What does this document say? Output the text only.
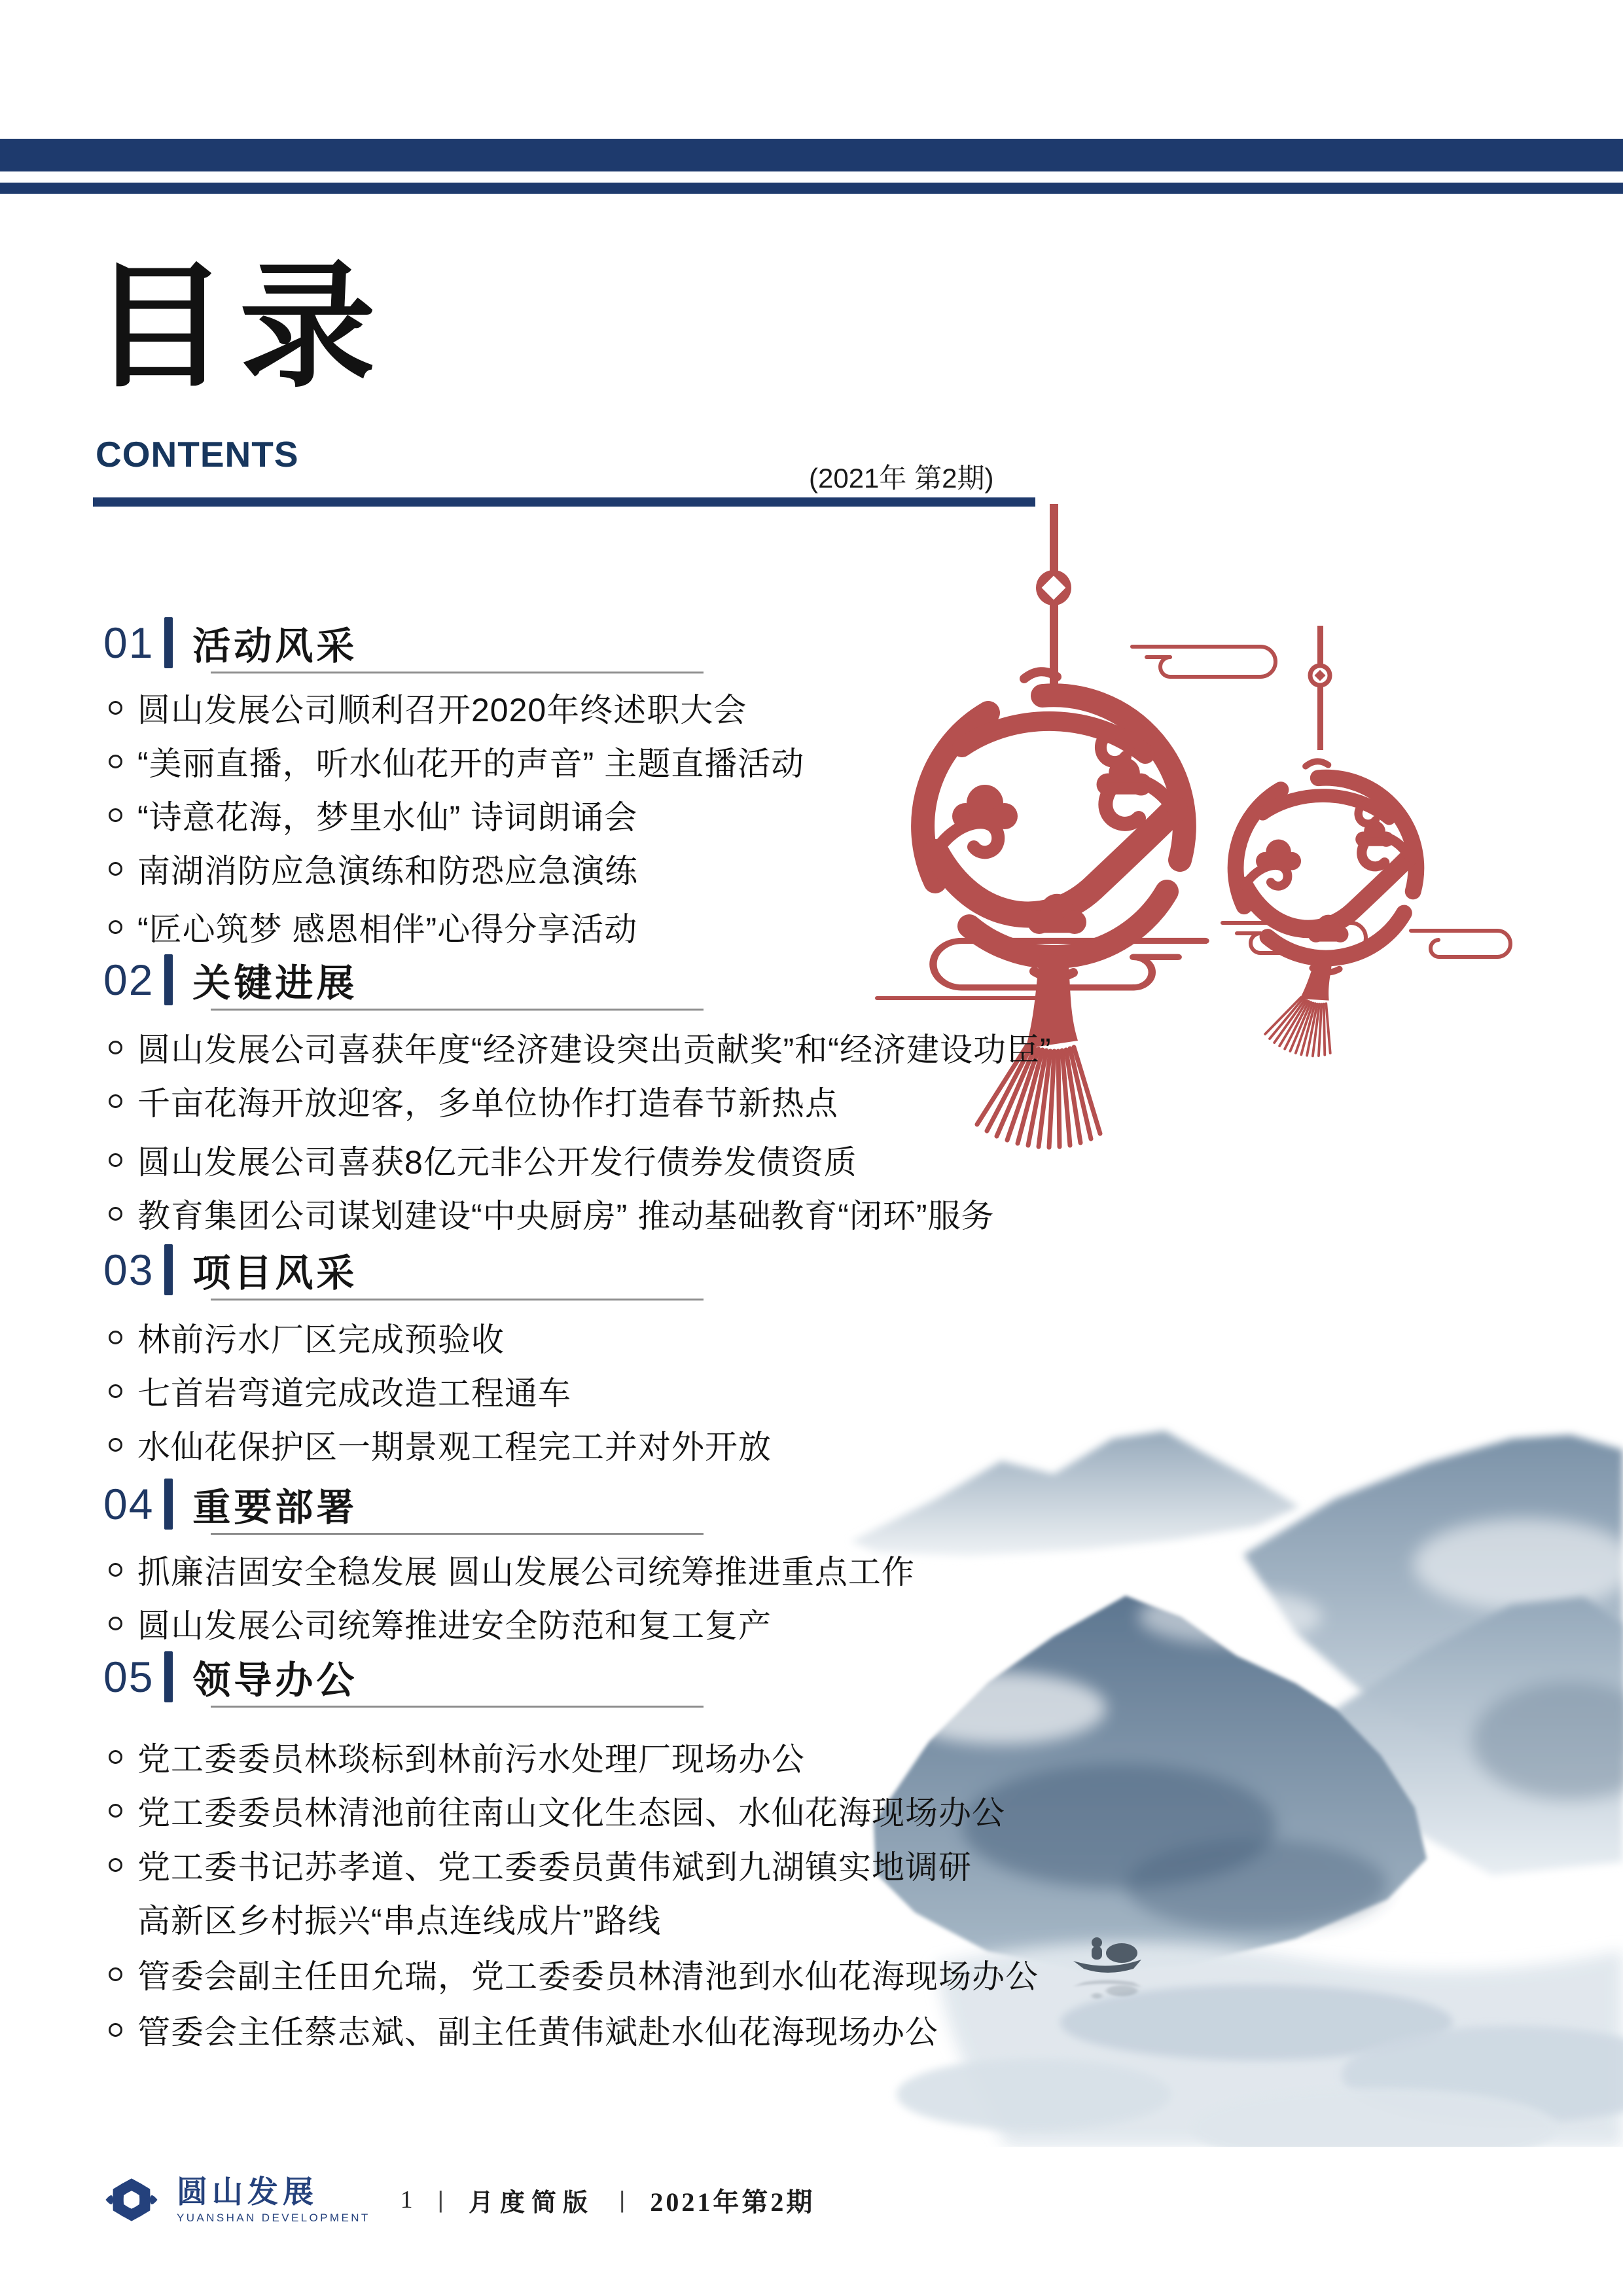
目录
CONTENTS
(2021年 第2期)
01 活动风采
圆山发展公司顺利召开2020年终述职大会
“美丽直播，听水仙花开的声音” 主题直播活动
“诗意花海，梦里水仙” 诗词朗诵会
南湖消防应急演练和防恐应急演练
“匠心筑梦 感恩相伴”心得分享活动
02 关键进展
圆山发展公司喜获年度“经济建设突出贡献奖”和“经济建设功臣”
千亩花海开放迎客，多单位协作打造春节新热点
圆山发展公司喜获8亿元非公开发行债券发债资质
教育集团公司谋划建设“中央厨房” 推动基础教育“闭环”服务
03 项目风采
林前污水厂区完成预验收
七首岩弯道完成改造工程通车
水仙花保护区一期景观工程完工并对外开放
04 重要部署
抓廉洁固安全稳发展 圆山发展公司统筹推进重点工作
圆山发展公司统筹推进安全防范和复工复产
05 领导办公
党工委委员林琰标到林前污水处理厂现场办公
党工委委员林清池前往南山文化生态园、水仙花海现场办公
党工委书记苏孝道、党工委委员黄伟斌到九湖镇实地调研
高新区乡村振兴“串点连线成片”路线
管委会副主任田允瑞，党工委委员林清池到水仙花海现场办公
管委会主任蔡志斌、副主任黄伟斌赴水仙花海现场办公
圆山发展
YUANSHAN DEVELOPMENT
1 | 月度简版 | 2021年第2期
